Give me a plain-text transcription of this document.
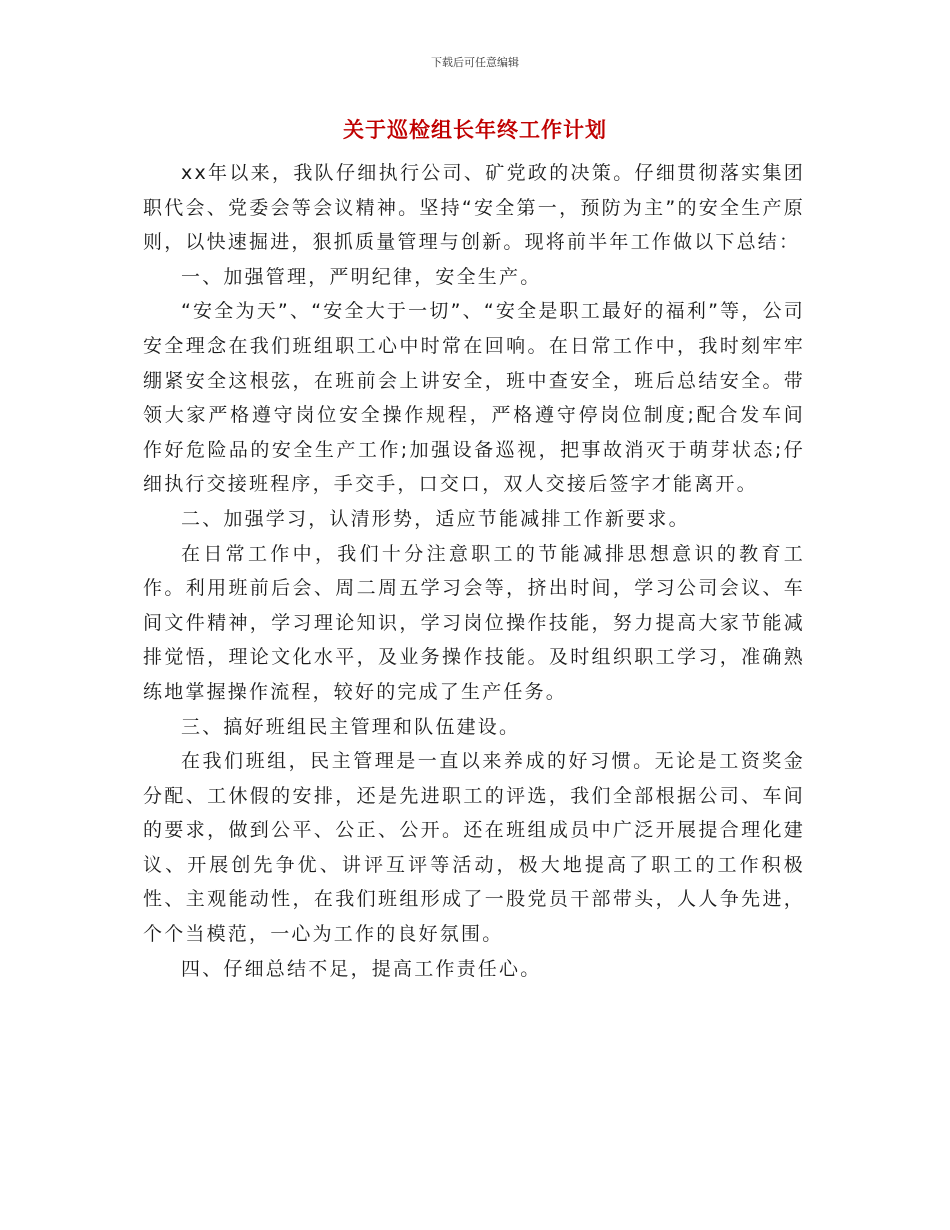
下载后可任意编辑
关于巡检组长年终工作计划

xx年以来，我队仔细执行公司、矿党政的决策。仔细贯彻落实集团职代会、党委会等会议精神。坚持“安全第一，预防为主”的安全生产原则，以快速掘进，狠抓质量管理与创新。现将前半年工作做以下总结：

一、加强管理，严明纪律，安全生产。

“安全为天”、“安全大于一切”、“安全是职工最好的福利”等，公司安全理念在我们班组职工心中时常在回响。在日常工作中，我时刻牢牢绷紧安全这根弦，在班前会上讲安全，班中查安全，班后总结安全。带领大家严格遵守岗位安全操作规程，严格遵守停岗位制度;配合发车间作好危险品的安全生产工作;加强设备巡视，把事故消灭于萌芽状态;仔细执行交接班程序，手交手，口交口，双人交接后签字才能离开。

二、加强学习，认清形势，适应节能减排工作新要求。

在日常工作中，我们十分注意职工的节能减排思想意识的教育工作。利用班前后会、周二周五学习会等，挤出时间，学习公司会议、车间文件精神，学习理论知识，学习岗位操作技能，努力提高大家节能减排觉悟，理论文化水平，及业务操作技能。及时组织职工学习，准确熟练地掌握操作流程，较好的完成了生产任务。

三、搞好班组民主管理和队伍建设。

在我们班组，民主管理是一直以来养成的好习惯。无论是工资奖金分配、工休假的安排，还是先进职工的评选，我们全部根据公司、车间的要求，做到公平、公正、公开。还在班组成员中广泛开展提合理化建议、开展创先争优、讲评互评等活动，极大地提高了职工的工作积极性、主观能动性，在我们班组形成了一股党员干部带头，人人争先进，个个当模范，一心为工作的良好氛围。

四、仔细总结不足，提高工作责任心。
